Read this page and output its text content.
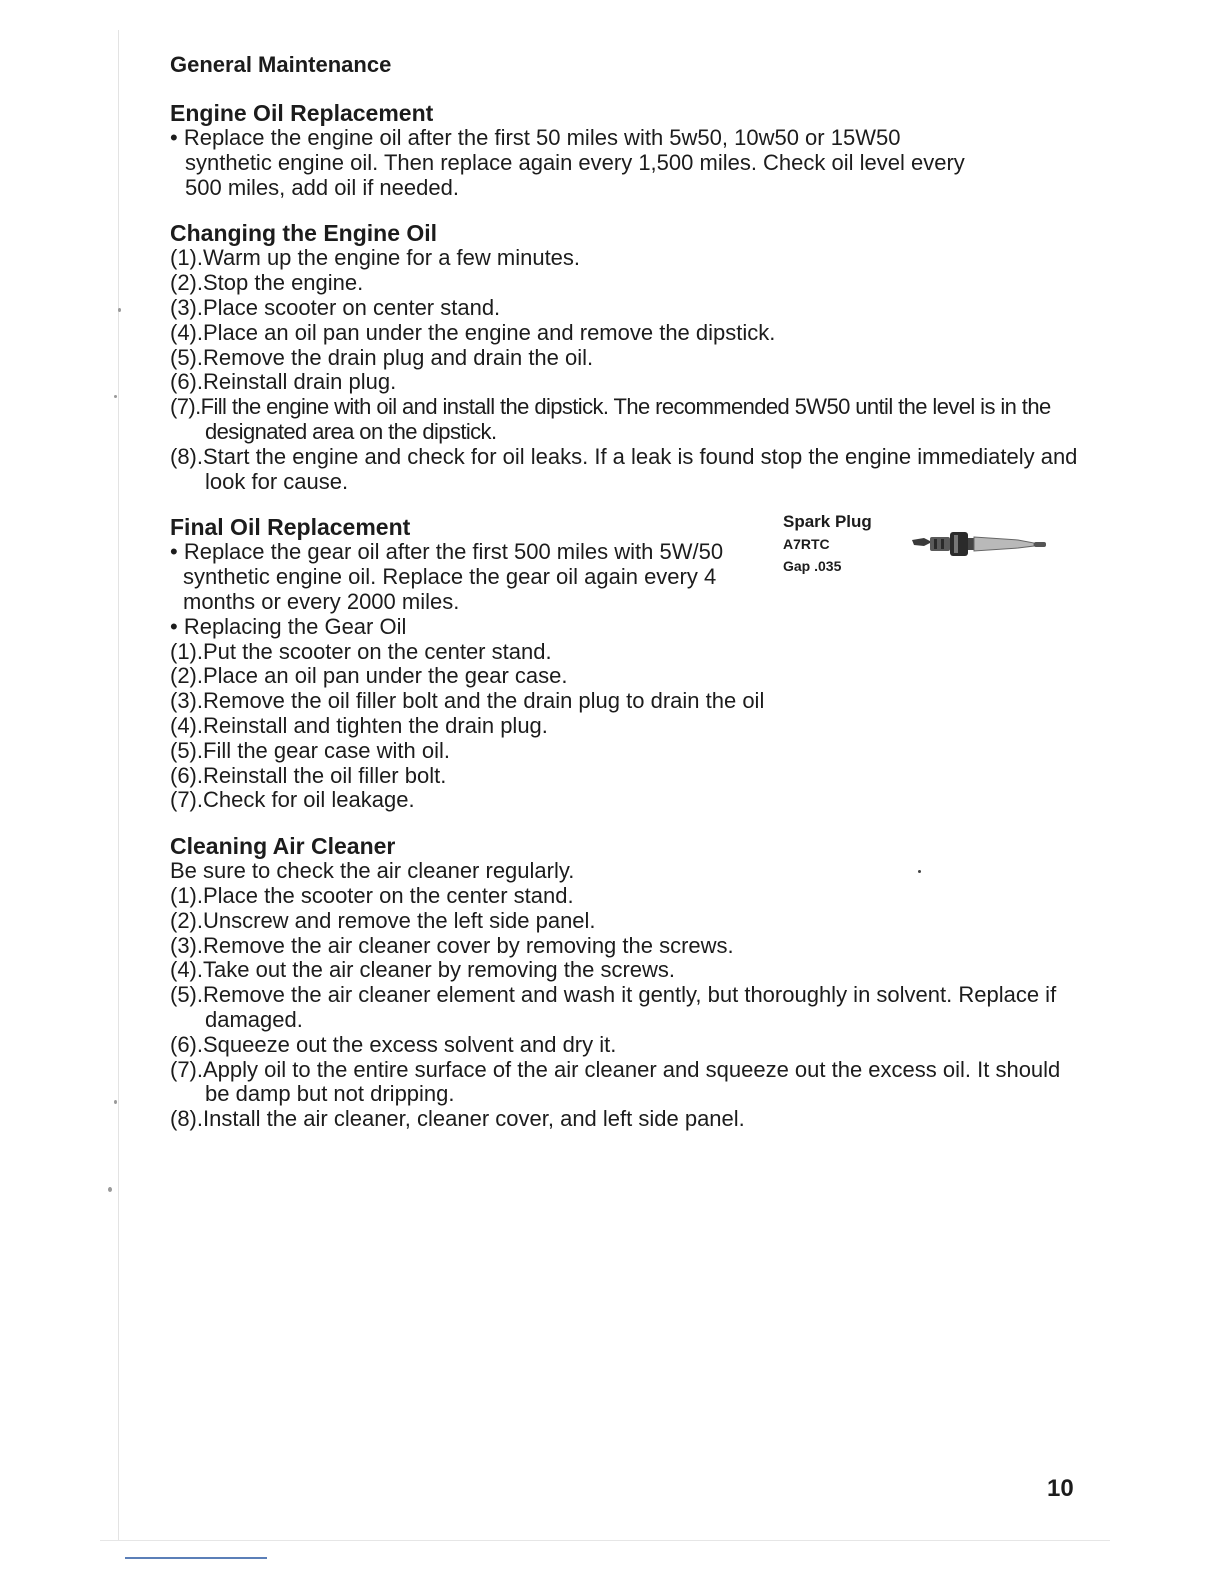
General Maintenance

Engine Oil Replacement

• Replace the engine oil after the first 50 miles with 5w50, 10w50 or 15W50

synthetic engine oil. Then replace again every 1,500 miles. Check oil level every

500 miles, add oil if needed.

Changing the Engine Oil

(1).Warm up the engine for a few minutes.

(2).Stop the engine.

(3).Place scooter on center stand.

(4).Place an oil pan under the engine and remove the dipstick.

(5).Remove the drain plug and drain the oil.

(6).Reinstall drain plug.

(7).Fill the engine with oil and install the dipstick. The recommended 5W50 until the level is in the designated area on the dipstick.

(8).Start the engine and check for oil leaks. If a leak is found stop the engine immediately and look for cause.

Final Oil Replacement

• Replace the gear oil after the first 500 miles with 5W/50

synthetic engine oil. Replace the gear oil again every 4

months or every 2000 miles.

• Replacing the Gear Oil

(1).Put the scooter on the center stand.

(2).Place an oil pan under the gear case.

(3).Remove the oil filler bolt and the drain plug to drain the oil

(4).Reinstall and tighten the drain plug.

(5).Fill the gear case with oil.

(6).Reinstall the oil filler bolt.

(7).Check for oil leakage.

Spark Plug
A7RTC
Gap .035

Cleaning Air Cleaner

Be sure to check the air cleaner regularly.

(1).Place the scooter on the center stand.

(2).Unscrew and remove the left side panel.

(3).Remove the air cleaner cover by removing the screws.

(4).Take out the air cleaner by removing the screws.

(5).Remove the air cleaner element and wash it gently, but thoroughly in solvent. Replace if damaged.

(6).Squeeze out the excess solvent and dry it.

(7).Apply oil to the entire surface of the air cleaner and squeeze out the excess oil. It should be damp but not dripping.

(8).Install the air cleaner, cleaner cover, and left side panel.

10
